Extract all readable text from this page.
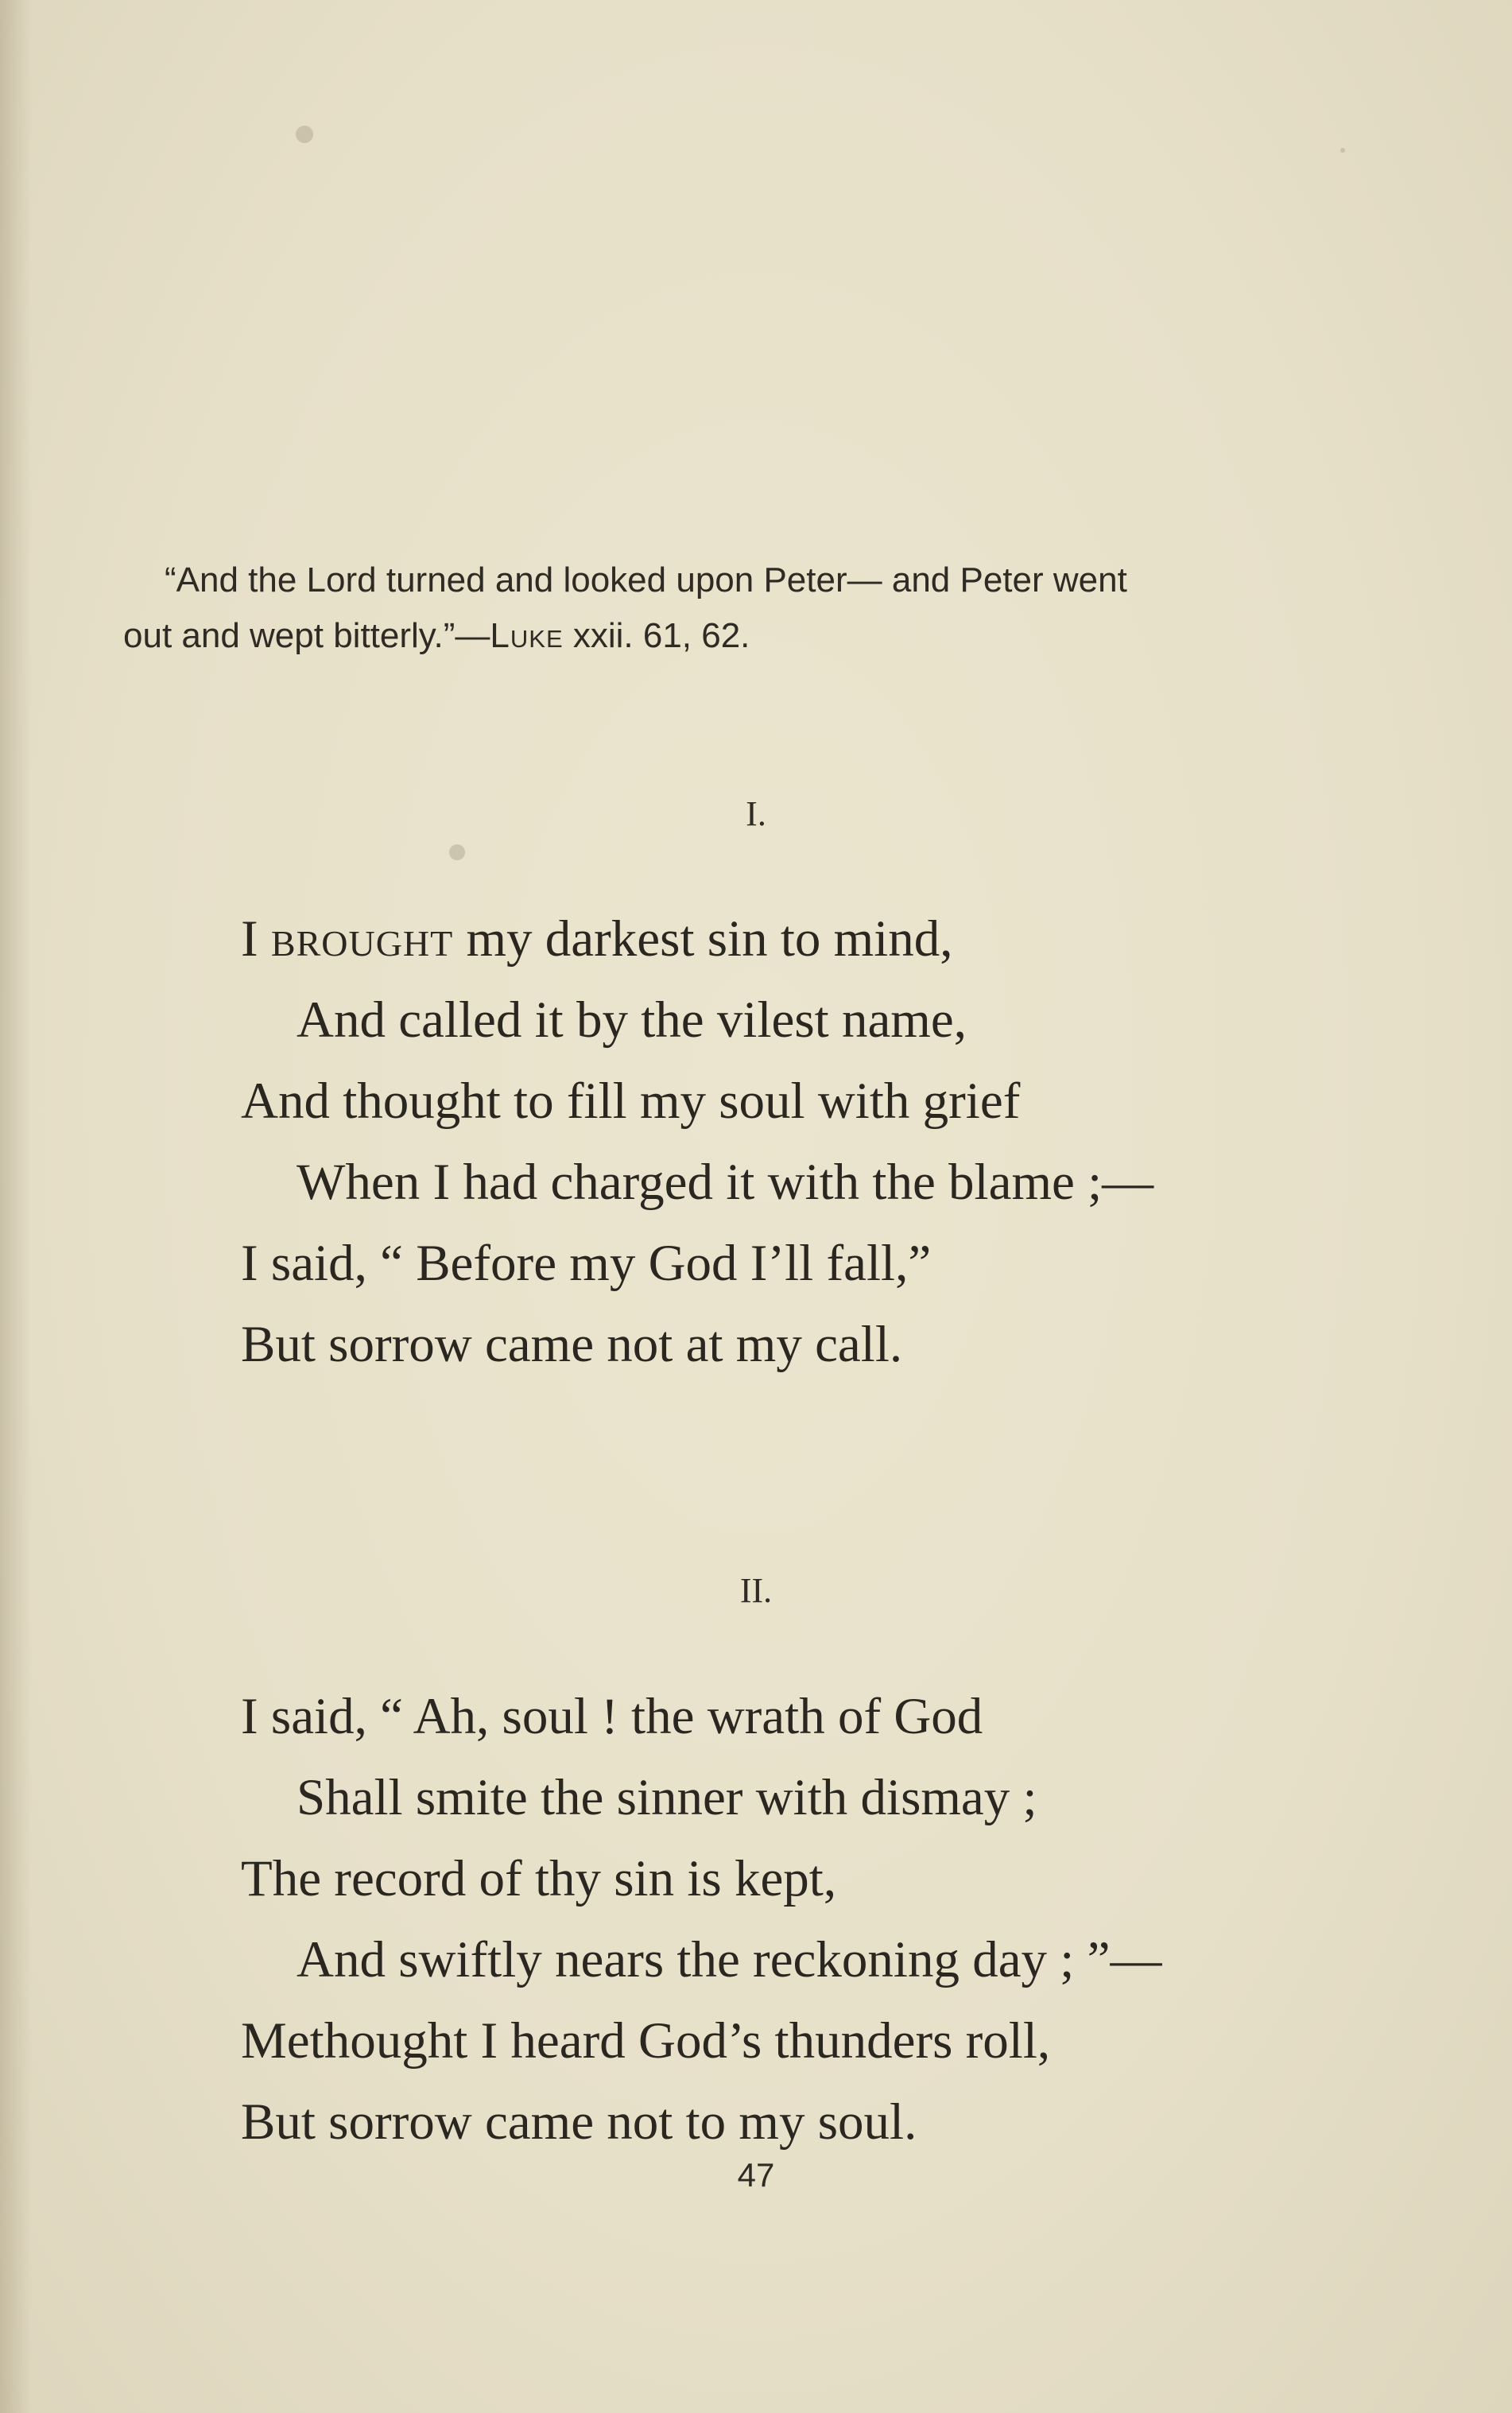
“And the Lord turned and looked upon Peter— and Peter went
out and wept bitterly.”—Luke xxii. 61, 62.
I.
I brought my darkest sin to mind,
And called it by the vilest name,
And thought to fill my soul with grief
When I had charged it with the blame ;—
I said, “ Before my God I’ll fall,”
But sorrow came not at my call.
II.
I said, “ Ah, soul ! the wrath of God
Shall smite the sinner with dismay ;
The record of thy sin is kept,
And swiftly nears the reckoning day ; ”—
Methought I heard God’s thunders roll,
But sorrow came not to my soul.
47
